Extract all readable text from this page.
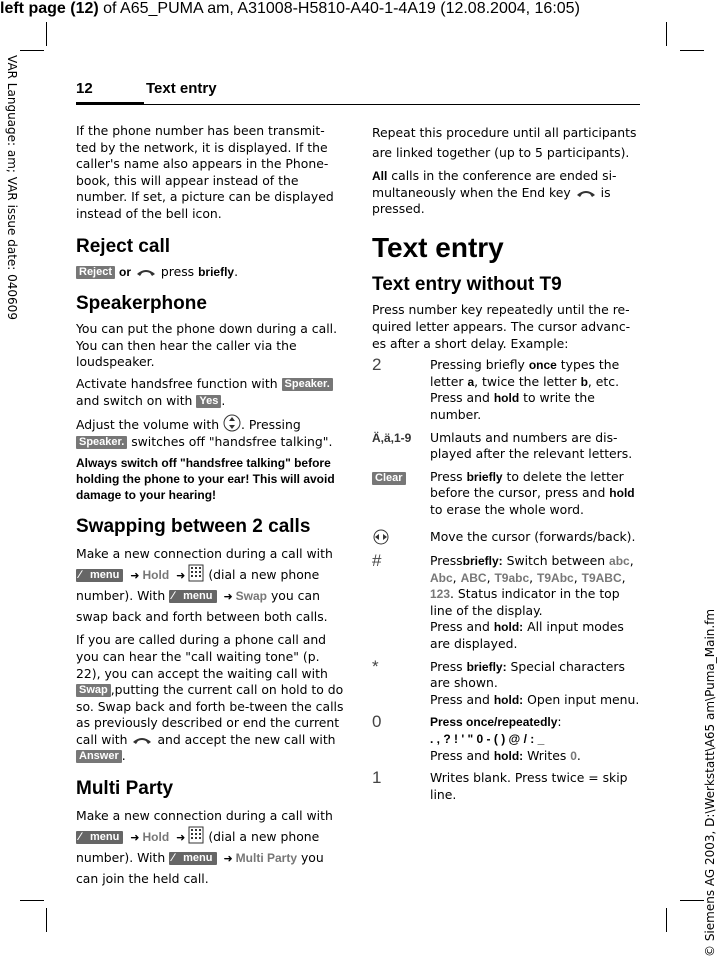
left page (12) of A65_PUMA am, A31008-H5810-A40-1-4A19 (12.08.2004, 16:05)
VAR Language: am; VAR issue date: 040609
© Siemens AG 2003, D:\Werkstatt\A65 am\Puma_Main.fm
12	Text entry

If the phone number has been transmit-ted by the network, it is displayed. If the caller's name also appears in the Phone-book, this will appear instead of the number. If set, a picture can be displayed instead of the bell icon.

Reject call

Reject or press briefly.

Speakerphone

You can put the phone down during a call. You can then hear the caller via the loudspeaker.

Activate handsfree function with Speaker. and switch on with Yes .

Adjust the volume with . Pressing Speaker. switches off "handsfree talking".

Always switch off "handsfree talking" before holding the phone to your ear! This will avoid damage to your hearing!

Swapping between 2 calls

Make a new connection during a call with ∕ menu ➜ Hold ➜ (dial a new phone number). With ∕ menu ➜ Swap you can swap back and forth between both calls.

If you are called during a phone call and you can hear the "call waiting tone" (p. 22), you can accept the waiting call with Swap ,putting the current call on hold to do so. Swap back and forth be-tween the calls as previously described or end the current call with and accept the new call with Answer .

Multi Party

Make a new connection during a call with ∕ menu ➜ Hold ➜ (dial a new phone number). With ∕ menu ➜ Multi Party you can join the held call.

Repeat this procedure until all participants are linked together (up to 5 participants).

All calls in the conference are ended si-multaneously when the End key is pressed.

Text entry
Text entry without T9

Press number key repeatedly until the re-quired letter appears. The cursor advanc-es after a short delay. Example:

2	Pressing briefly once types the letter a, twice the letter b, etc. Press and hold to write the number.
Ä,ä,1-9	Umlauts and numbers are dis-played after the relevant letters.
Clear	Press briefly to delete the letter before the cursor, press and hold to erase the whole word.
Move the cursor (forwards/back).
#	Pressbriefly: Switch between abc, Abc, ABC, T9abc, T9Abc, T9ABC, 123. Status indicator in the top line of the display.
Press and hold: All input modes are displayed.
*	Press briefly: Special characters are shown.
Press and hold: Open input menu.
0	Press once/repeatedly:
. , ? ! ' " 0 - ( ) @ / : _
Press and hold: Writes 0.
1	Writes blank. Press twice = skip line.
